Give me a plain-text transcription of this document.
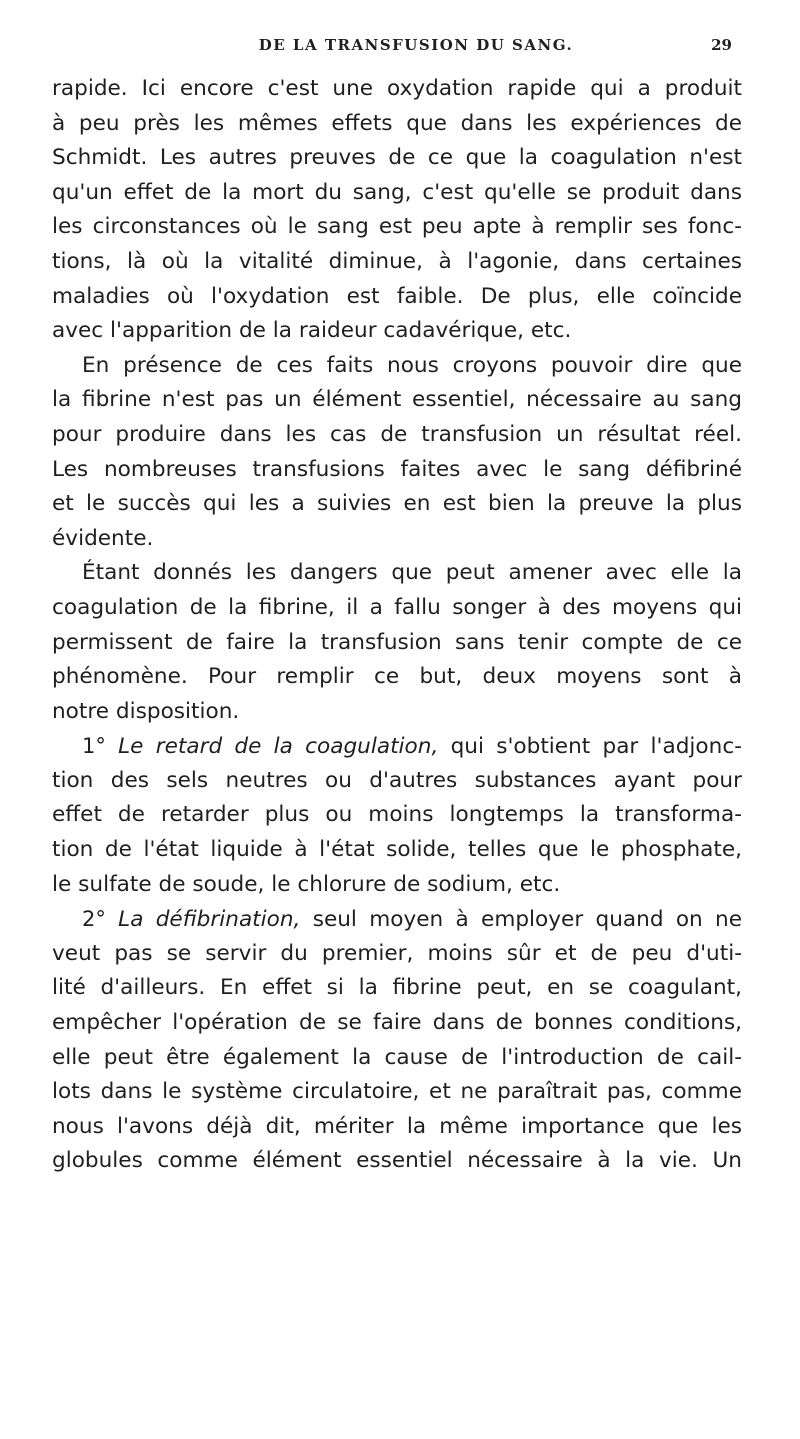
DE LA TRANSFUSION DU SANG.	29
rapide. Ici encore c'est une oxydation rapide qui a produit
à peu près les mêmes effets que dans les expériences de
Schmidt. Les autres preuves de ce que la coagulation n'est
qu'un effet de la mort du sang, c'est qu'elle se produit dans
les circonstances où le sang est peu apte à remplir ses fonc-
tions, là où la vitalité diminue, à l'agonie, dans certaines
maladies où l'oxydation est faible. De plus, elle coïncide
avec l'apparition de la raideur cadavérique, etc.
En présence de ces faits nous croyons pouvoir dire que
la fibrine n'est pas un élément essentiel, nécessaire au sang
pour produire dans les cas de transfusion un résultat réel.
Les nombreuses transfusions faites avec le sang défibriné
et le succès qui les a suivies en est bien la preuve la plus
évidente.
Étant donnés les dangers que peut amener avec elle la
coagulation de la fibrine, il a fallu songer à des moyens qui
permissent de faire la transfusion sans tenir compte de ce
phénomène. Pour remplir ce but, deux moyens sont à
notre disposition.
1° Le retard de la coagulation, qui s'obtient par l'adjonc-
tion des sels neutres ou d'autres substances ayant pour
effet de retarder plus ou moins longtemps la transforma-
tion de l'état liquide à l'état solide, telles que le phosphate,
le sulfate de soude, le chlorure de sodium, etc.
2° La défibrination, seul moyen à employer quand on ne
veut pas se servir du premier, moins sûr et de peu d'uti-
lité d'ailleurs. En effet si la fibrine peut, en se coagulant,
empêcher l'opération de se faire dans de bonnes conditions,
elle peut être également la cause de l'introduction de cail-
lots dans le système circulatoire, et ne paraîtrait pas, comme
nous l'avons déjà dit, mériter la même importance que les
globules comme élément essentiel nécessaire à la vie. Un
